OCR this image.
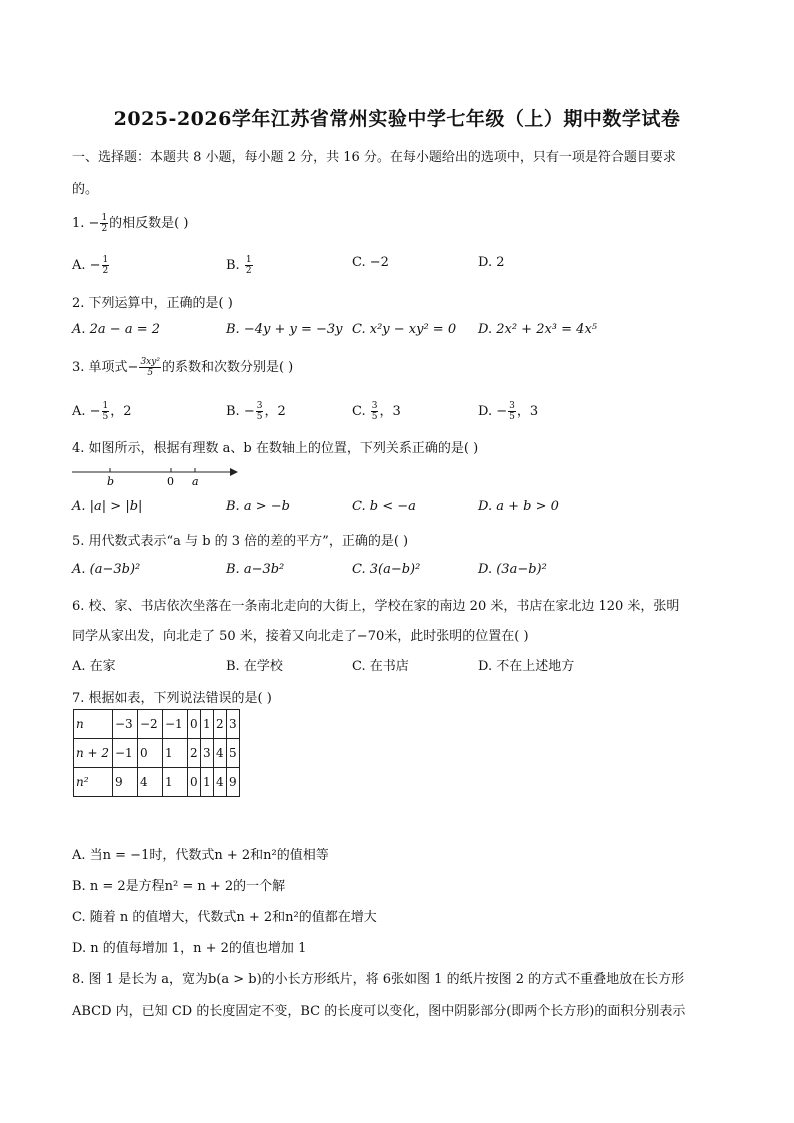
2025-2026学年江苏省常州实验中学七年级（上）期中数学试卷
一、选择题：本题共 8 小题，每小题 2 分，共 16 分。在每小题给出的选项中，只有一项是符合题目要求
的。
1. − $\frac{1}{2}$ 的相反数是( )
A. − $\frac{1}{2}$	B. $\frac{1}{2}$	C. −2	D. 2
2. 下列运算中，正确的是( )
A. 2a − a = 2	B. −4y + y = −3y C. x²y − xy² = 0 D. 2x² + 2x³ = 4x⁵
3. 单项式− $\frac{\text{3xy²}}{5}$ 的系数和次数分别是( )
A. − $\frac{1}{5}$ ，2	B. − $\frac{3}{5}$ ，2	C. $\frac{3}{5}$ ，3	D. − $\frac{3}{5}$ ，3
4. 如图所示，根据有理数 a、b 在数轴上的位置，下列关系正确的是( )
b	0 a
A. |a| > |b|	B. a > −b	C. b < −a	D. a + b > 0
5. 用代数式表示“a 与 b 的 3 倍的差的平方”，正确的是( )
A. (a−3b)²	B. a−3b²	C. 3(a−b)²	D. (3a−b)²
6. 校、家、书店依次坐落在一条南北走向的大街上，学校在家的南边 20 米，书店在家北边 120 米，张明
同学从家出发，向北走了 50 米，接着又向北走了−70米，此时张明的位置在( )
A. 在家	B. 在学校	C. 在书店	D. 不在上述地方
7. 根据如表，下列说法错误的是( )
n	−3	−2	−1	0	1	2	3
n + 2	−1	0	1	2	3	4	5
n²	9	4	1	0	1	4	9
A. 当n = −1时，代数式n + 2和n²的值相等
B. n = 2是方程n² = n + 2的一个解
C. 随着 n 的值增大，代数式n + 2和n²的值都在增大
D. n 的值每增加 1，n + 2的值也增加 1
8. 图 1 是长为 a，宽为b(a > b)的小长方形纸片，将 6张如图 1 的纸片按图 2 的方式不重叠地放在长方形
ABCD 内，已知 CD 的长度固定不变，BC 的长度可以变化，图中阴影部分(即两个长方形)的面积分别表示
